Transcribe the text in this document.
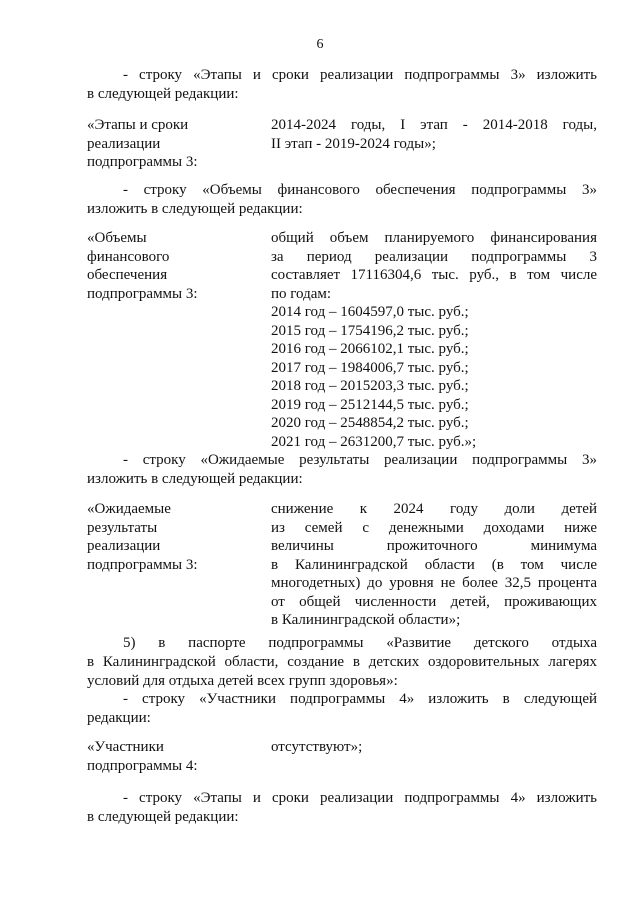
6
- строку «Этапы и сроки реализации подпрограммы 3» изложить
в следующей редакции:
«Этапы и сроки
реализации
подпрограммы 3:
2014-2024 годы, I этап - 2014-2018 годы,
II этап - 2019-2024 годы»;
- строку «Объемы финансового обеспечения подпрограммы 3»
изложить в следующей редакции:
«Объемы
финансового
обеспечения
подпрограммы 3:
общий объем планируемого финансирования
за период реализации подпрограммы 3
составляет 17116304,6 тыс. руб., в том числе
по годам:
2014 год – 1604597,0 тыс. руб.;
2015 год – 1754196,2 тыс. руб.;
2016 год – 2066102,1 тыс. руб.;
2017 год – 1984006,7 тыс. руб.;
2018 год – 2015203,3 тыс. руб.;
2019 год – 2512144,5 тыс. руб.;
2020 год – 2548854,2 тыс. руб.;
2021 год – 2631200,7 тыс. руб.»;
- строку «Ожидаемые результаты реализации подпрограммы 3»
изложить в следующей редакции:
«Ожидаемые
результаты
реализации
подпрограммы 3:
снижение к 2024 году доли детей
из семей с денежными доходами ниже
величины прожиточного минимума
в Калининградской области (в том числе
многодетных) до уровня не более 32,5 процента
от общей численности детей, проживающих
в Калининградской области»;
5) в паспорте подпрограммы «Развитие детского отдыха
в Калининградской области, создание в детских оздоровительных лагерях
условий для отдыха детей всех групп здоровья»:
- строку «Участники подпрограммы 4» изложить в следующей
редакции:
«Участники
подпрограммы 4:
отсутствуют»;
- строку «Этапы и сроки реализации подпрограммы 4» изложить
в следующей редакции:
